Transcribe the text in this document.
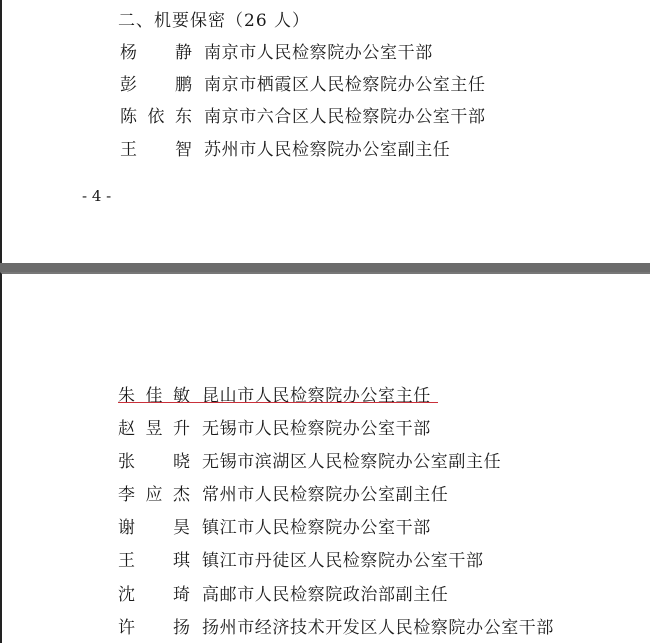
二、机要保密（26 人）
杨 静 南京市人民检察院办公室干部
彭 鹏 南京市栖霞区人民检察院办公室主任
陈依东 南京市六合区人民检察院办公室干部
王 智 苏州市人民检察院办公室副主任
- 4 -
朱佳敏 昆山市人民检察院办公室主任
赵昱升 无锡市人民检察院办公室干部
张 晓 无锡市滨湖区人民检察院办公室副主任
李应杰 常州市人民检察院办公室副主任
谢 昊 镇江市人民检察院办公室干部
王 琪 镇江市丹徒区人民检察院办公室干部
沈 琦 高邮市人民检察院政治部副主任
许 扬 扬州市经济技术开发区人民检察院办公室干部
